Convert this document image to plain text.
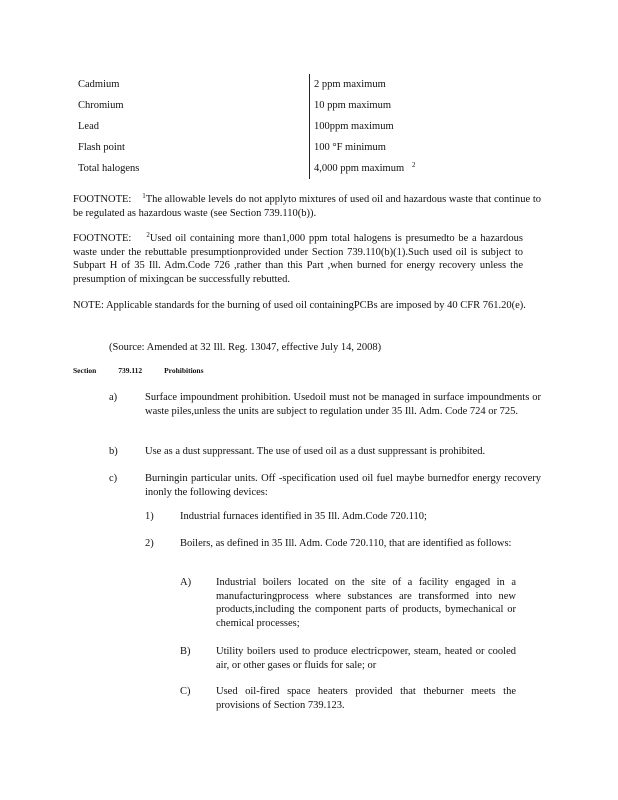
Cadmium	2 ppm maximum
Chromium	10 ppm maximum
Lead	100ppm maximum
Flash point	100 °F minimum
Total halogens	4,000 ppm maximum $^2$
FOOTNOTE: $^1$The allowable levels do not applyto mixtures of used oil and hazardous waste that continue to be regulated as hazardous waste (see Section 739.110(b)).
FOOTNOTE: $^2$Used oil containing more than1,000 ppm total halogens is presumedto be a hazardous waste under the rebuttable presumptionprovided under Section 739.110(b)(1).Such used oil is subject to Subpart H of 35 Ill. Adm.Code 726 ,rather than this Part ,when burned for energy recovery unless the presumption of mixingcan be successfully rebutted.
NOTE: Applicable standards for the burning of used oil containingPCBs are imposed by 40 CFR 761.20(e).
(Source: Amended at 32 Ill. Reg. 13047, effective July 14, 2008)
Section	739.112	Prohibitions
a)	Surface impoundment prohibition. Usedoil must not be managed in surface impoundments or waste piles,unless the units are subject to regulation under 35 Ill. Adm. Code 724 or 725.
b)	Use as a dust suppressant. The use of used oil as a dust suppressant is prohibited.
c)	Burningin particular units. Off -specification used oil fuel maybe burnedfor energy recovery inonly the following devices:
1)	Industrial furnaces identified in 35 Ill. Adm.Code 720.110;
2)	Boilers, as defined in 35 Ill. Adm. Code 720.110, that are identified as follows:
A) Industrial boilers located on the site of a facility engaged in a manufacturingprocess where substances are transformed into new products,including the component parts of products, bymechanical or chemical processes;
B) Utility boilers used to produce electricpower, steam, heated or cooled air, or other gases or fluids for sale; or
C) Used oil-fired space heaters provided that theburner meets the provisions of Section 739.123.
